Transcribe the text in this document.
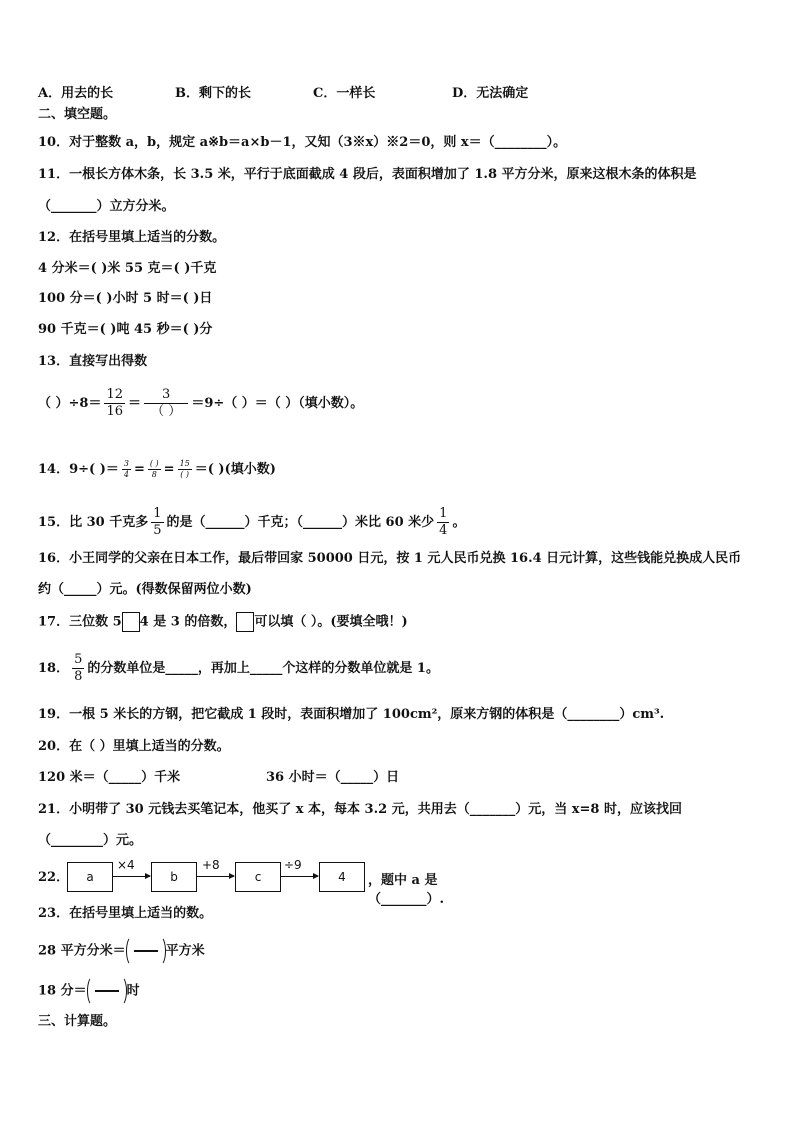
A．用去的长	B．剩下的长	C．一样长	D．无法确定
二、填空题。
10．对于整数 a，b，规定 a※b＝a×b－1，又知（3※x）※2＝0，则 x＝（________）。
11．一根长方体木条，长 3.5 米，平行于底面截成 4 段后，表面积增加了 1.8 平方分米，原来这根木条的体积是
（_______）立方分米。
12．在括号里填上适当的分数。
4 分米＝( )米 55 克＝( )千克
100 分＝( )小时 5 时＝( )日
90 千克＝( )吨 45 秒＝( )分
13．直接写出得数
（ ）$\div 8= \frac{12}{16} = \frac{3}{( )} =9\div$（ ）＝（ ）（填小数）。
14．9÷( )＝ $\frac{3}{4} = \frac{( )}{8} = \frac{15}{( )}$ ＝( )(填小数)
15．比 30 千克多 $\frac{1}{5}$ 的是（______）千克；（______）米比 60 米少 $\frac{1}{4}$ 。
16．小王同学的父亲在日本工作，最后带回家 50000 日元，按 1 元人民币兑换 16.4 日元计算，这些钱能兑换成人民币
约（_____）元。(得数保留两位小数)
17．三位数 5 4 是 3 的倍数， 可以填（ ）。(要填全哦！)
18． $\frac{5}{8}$ 的分数单位是_____，再加上_____个这样的分数单位就是 1。
19．一根 5 米长的方钢，把它截成 1 段时，表面积增加了 100cm²，原来方钢的体积是（________）cm³.
20．在（ ）里填上适当的分数。
120 米＝（_____）千米	36 小时＝（_____）日
21．小明带了 30 元钱去买笔记本，他买了 x 本，每本 3.2 元，共用去（_______）元，当 x=8 时，应该找回
（________）元。
22．	a
×4
b
+8
c
÷9
4	，题中 a 是（_______）.
23．在括号里填上适当的数。
28 平方分米＝	平方米
18 分＝	时
三、计算题。
